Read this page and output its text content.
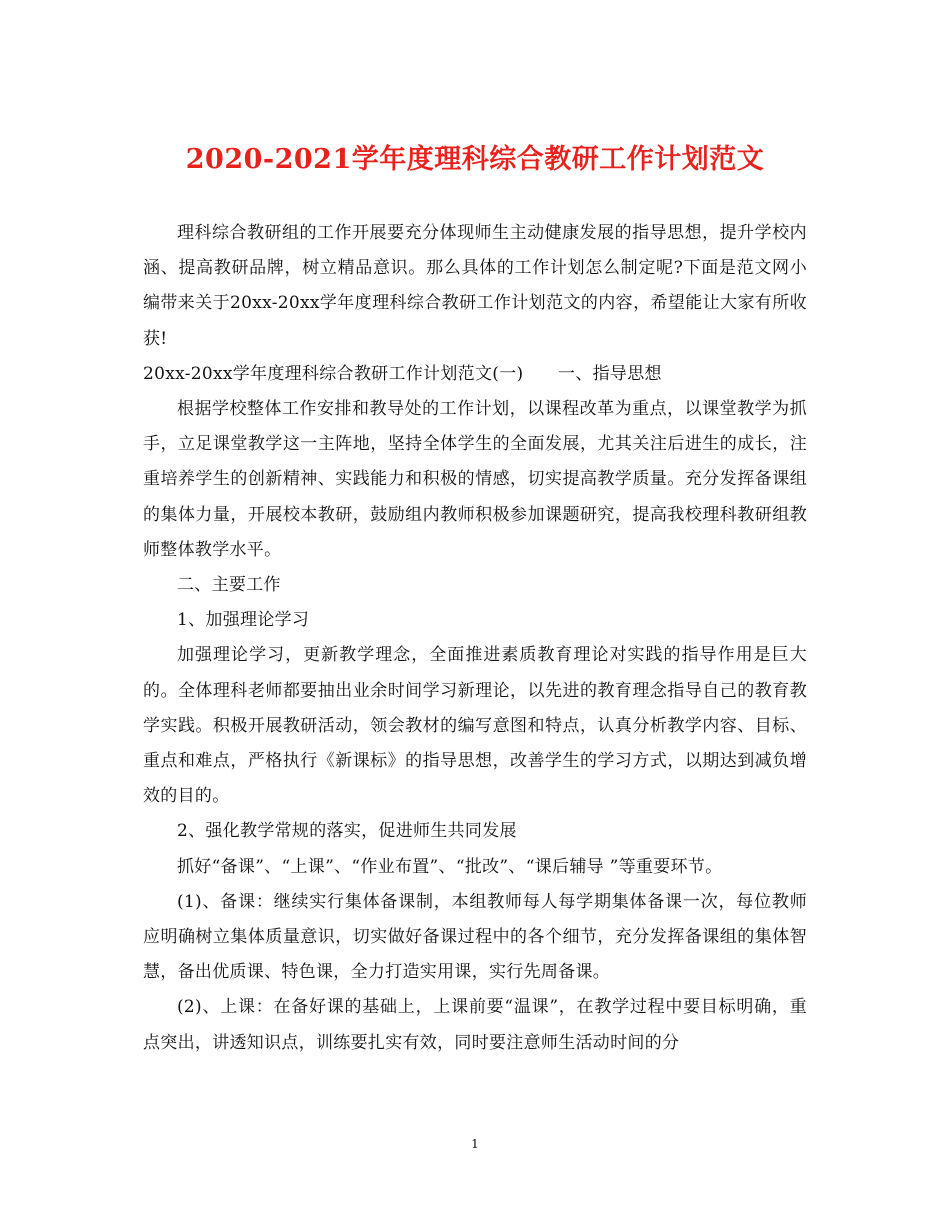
2020-2021学年度理科综合教研工作计划范文

理科综合教研组的工作开展要充分体现师生主动健康发展的指导思想，提升学校内涵、提高教研品牌，树立精品意识。那么具体的工作计划怎么制定呢?下面是范文网小编带来关于20xx-20xx学年度理科综合教研工作计划范文的内容，希望能让大家有所收获!

20xx-20xx学年度理科综合教研工作计划范文(一)　　一、指导思想

根据学校整体工作安排和教导处的工作计划，以课程改革为重点，以课堂教学为抓手，立足课堂教学这一主阵地，坚持全体学生的全面发展，尤其关注后进生的成长，注重培养学生的创新精神、实践能力和积极的情感，切实提高教学质量。充分发挥备课组的集体力量，开展校本教研，鼓励组内教师积极参加课题研究，提高我校理科教研组教师整体教学水平。

二、主要工作

1、加强理论学习

加强理论学习，更新教学理念，全面推进素质教育理论对实践的指导作用是巨大的。全体理科老师都要抽出业余时间学习新理论，以先进的教育理念指导自己的教育教学实践。积极开展教研活动，领会教材的编写意图和特点，认真分析教学内容、目标、重点和难点，严格执行《新课标》的指导思想，改善学生的学习方式，以期达到减负增效的目的。

2、强化教学常规的落实，促进师生共同发展

抓好“备课”、“上课”、“作业布置”、“批改”、“课后辅导 ”等重要环节。

(1)、备课：继续实行集体备课制，本组教师每人每学期集体备课一次，每位教师应明确树立集体质量意识，切实做好备课过程中的各个细节，充分发挥备课组的集体智慧，备出优质课、特色课，全力打造实用课，实行先周备课。

(2)、上课：在备好课的基础上，上课前要“温课”，在教学过程中要目标明确，重点突出，讲透知识点，训练要扎实有效，同时要注意师生活动时间的分

1
